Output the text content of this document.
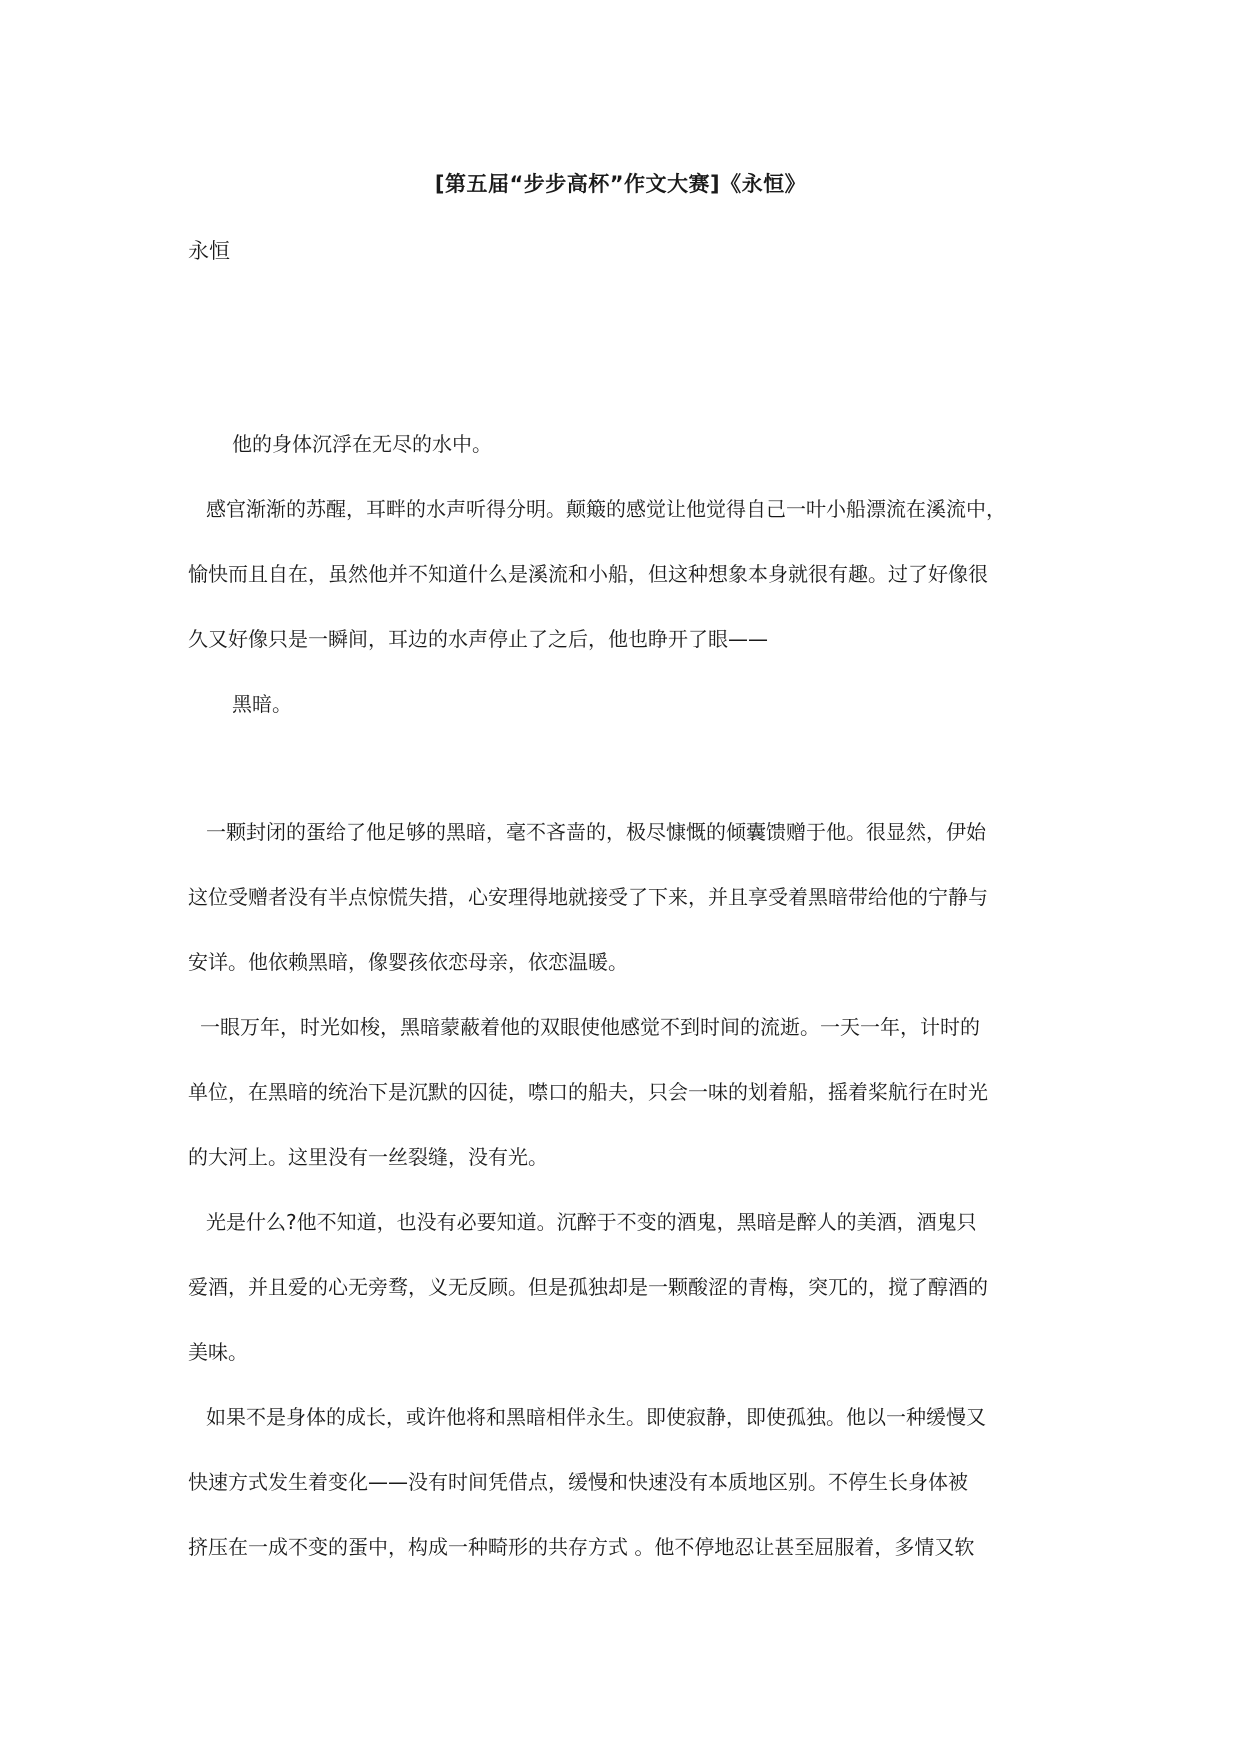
[第五届“步步高杯”作文大赛]《永恒》
永恒
他的身体沉浮在无尽的水中。
感官渐渐的苏醒，耳畔的水声听得分明。颠簸的感觉让他觉得自己一叶小船漂流在溪流中，
愉快而且自在，虽然他并不知道什么是溪流和小船，但这种想象本身就很有趣。过了好像很
久又好像只是一瞬间，耳边的水声停止了之后，他也睁开了眼——
黑暗。
一颗封闭的蛋给了他足够的黑暗，毫不吝啬的，极尽慷慨的倾囊馈赠于他。很显然，伊始
这位受赠者没有半点惊慌失措，心安理得地就接受了下来，并且享受着黑暗带给他的宁静与
安详。他依赖黑暗，像婴孩依恋母亲，依恋温暖。
一眼万年，时光如梭，黑暗蒙蔽着他的双眼使他感觉不到时间的流逝。一天一年，计时的
单位，在黑暗的统治下是沉默的囚徒，噤口的船夫，只会一味的划着船，摇着桨航行在时光
的大河上。这里没有一丝裂缝，没有光。
光是什么?他不知道，也没有必要知道。沉醉于不变的酒鬼，黑暗是醉人的美酒，酒鬼只
爱酒，并且爱的心无旁骛，义无反顾。但是孤独却是一颗酸涩的青梅，突兀的，搅了醇酒的
美味。
如果不是身体的成长，或许他将和黑暗相伴永生。即使寂静，即使孤独。他以一种缓慢又
快速方式发生着变化——没有时间凭借点，缓慢和快速没有本质地区别。不停生长身体被
挤压在一成不变的蛋中，构成一种畸形的共存方式 。他不停地忍让甚至屈服着，多情又软
